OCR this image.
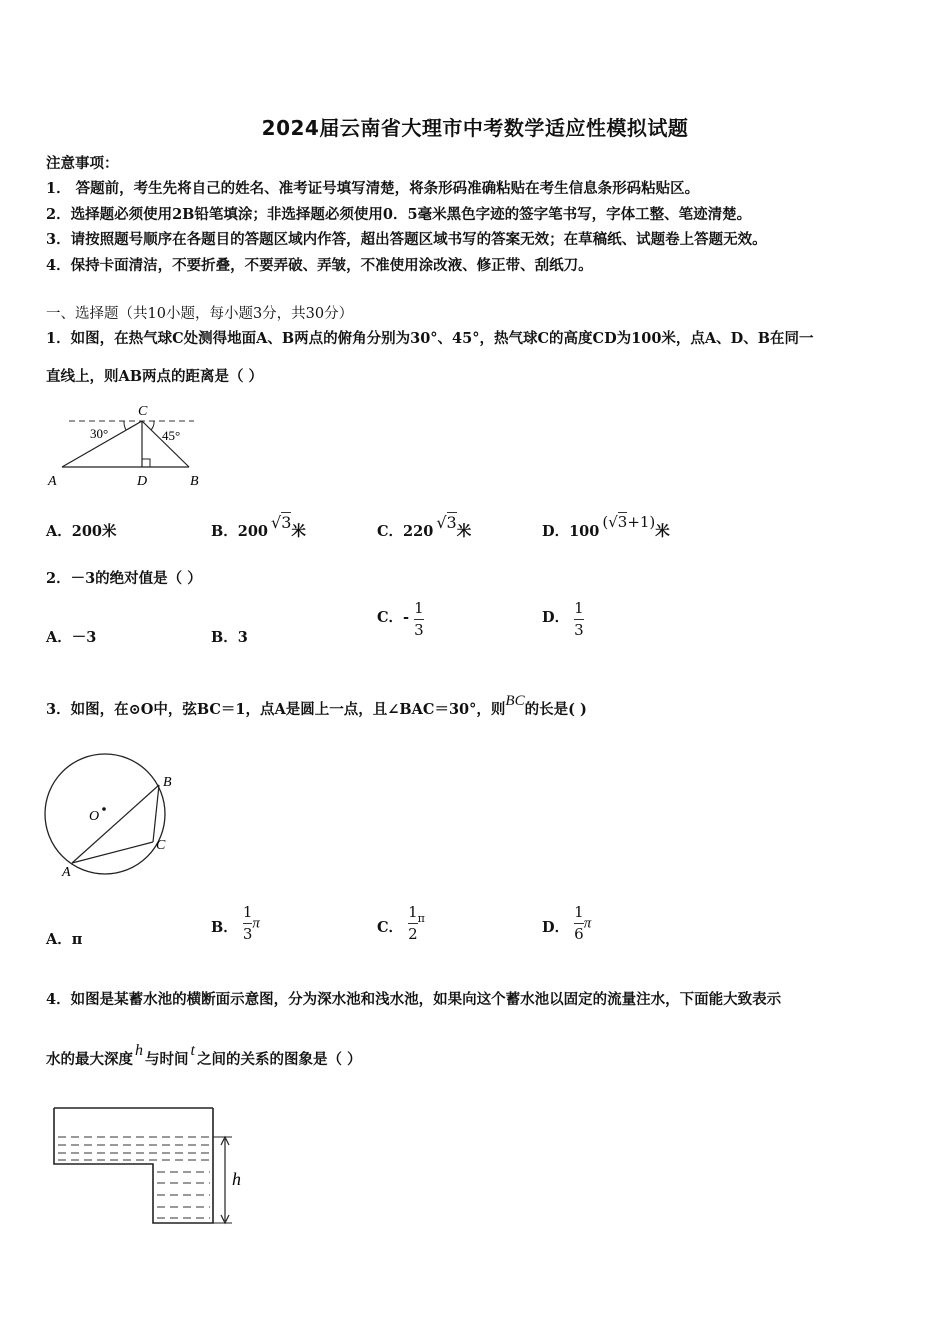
2024届云南省大理市中考数学适应性模拟试题
注意事项：
1． 答题前，考生先将自己的姓名、准考证号填写清楚，将条形码准确粘贴在考生信息条形码粘贴区。
2．选择题必须使用2B铅笔填涂；非选择题必须使用0．5毫米黑色字迹的签字笔书写，字体工整、笔迹清楚。
3．请按照题号顺序在各题目的答题区域内作答，超出答题区域书写的答案无效；在草稿纸、试题卷上答题无效。
4．保持卡面清洁，不要折叠，不要弄破、弄皱，不准使用涂改液、修正带、刮纸刀。
一、选择题（共10小题，每小题3分，共30分）
1．如图，在热气球C处测得地面A、B两点的俯角分别为30°、45°，热气球C的高度CD为100米，点A、D、B在同一
直线上，则AB两点的距离是（ ）
C
30°	45°
A	D	B
A．200米	B．200 √3米	C．220 √3米	D．100(√3+1)米
2．－3的绝对值是（ ）
A．－3	B．3
C．- $\frac{1}{3}$	D． $\frac{1}{3}$
3．如图，在⊙O中，弦BC＝1，点A是圆上一点，且∠BAC＝30°，则BC的长是( )
O
B
C
A
A．π
B． $\frac{1}{3}$ π	C． $\frac{1}{2} ^\pi$
D． $\frac{1}{6}$ π
4．如图是某蓄水池的横断面示意图，分为深水池和浅水池，如果向这个蓄水池以固定的流量注水，下面能大致表示
水的最大深度h与时间t之间的关系的图象是（ ）
h
